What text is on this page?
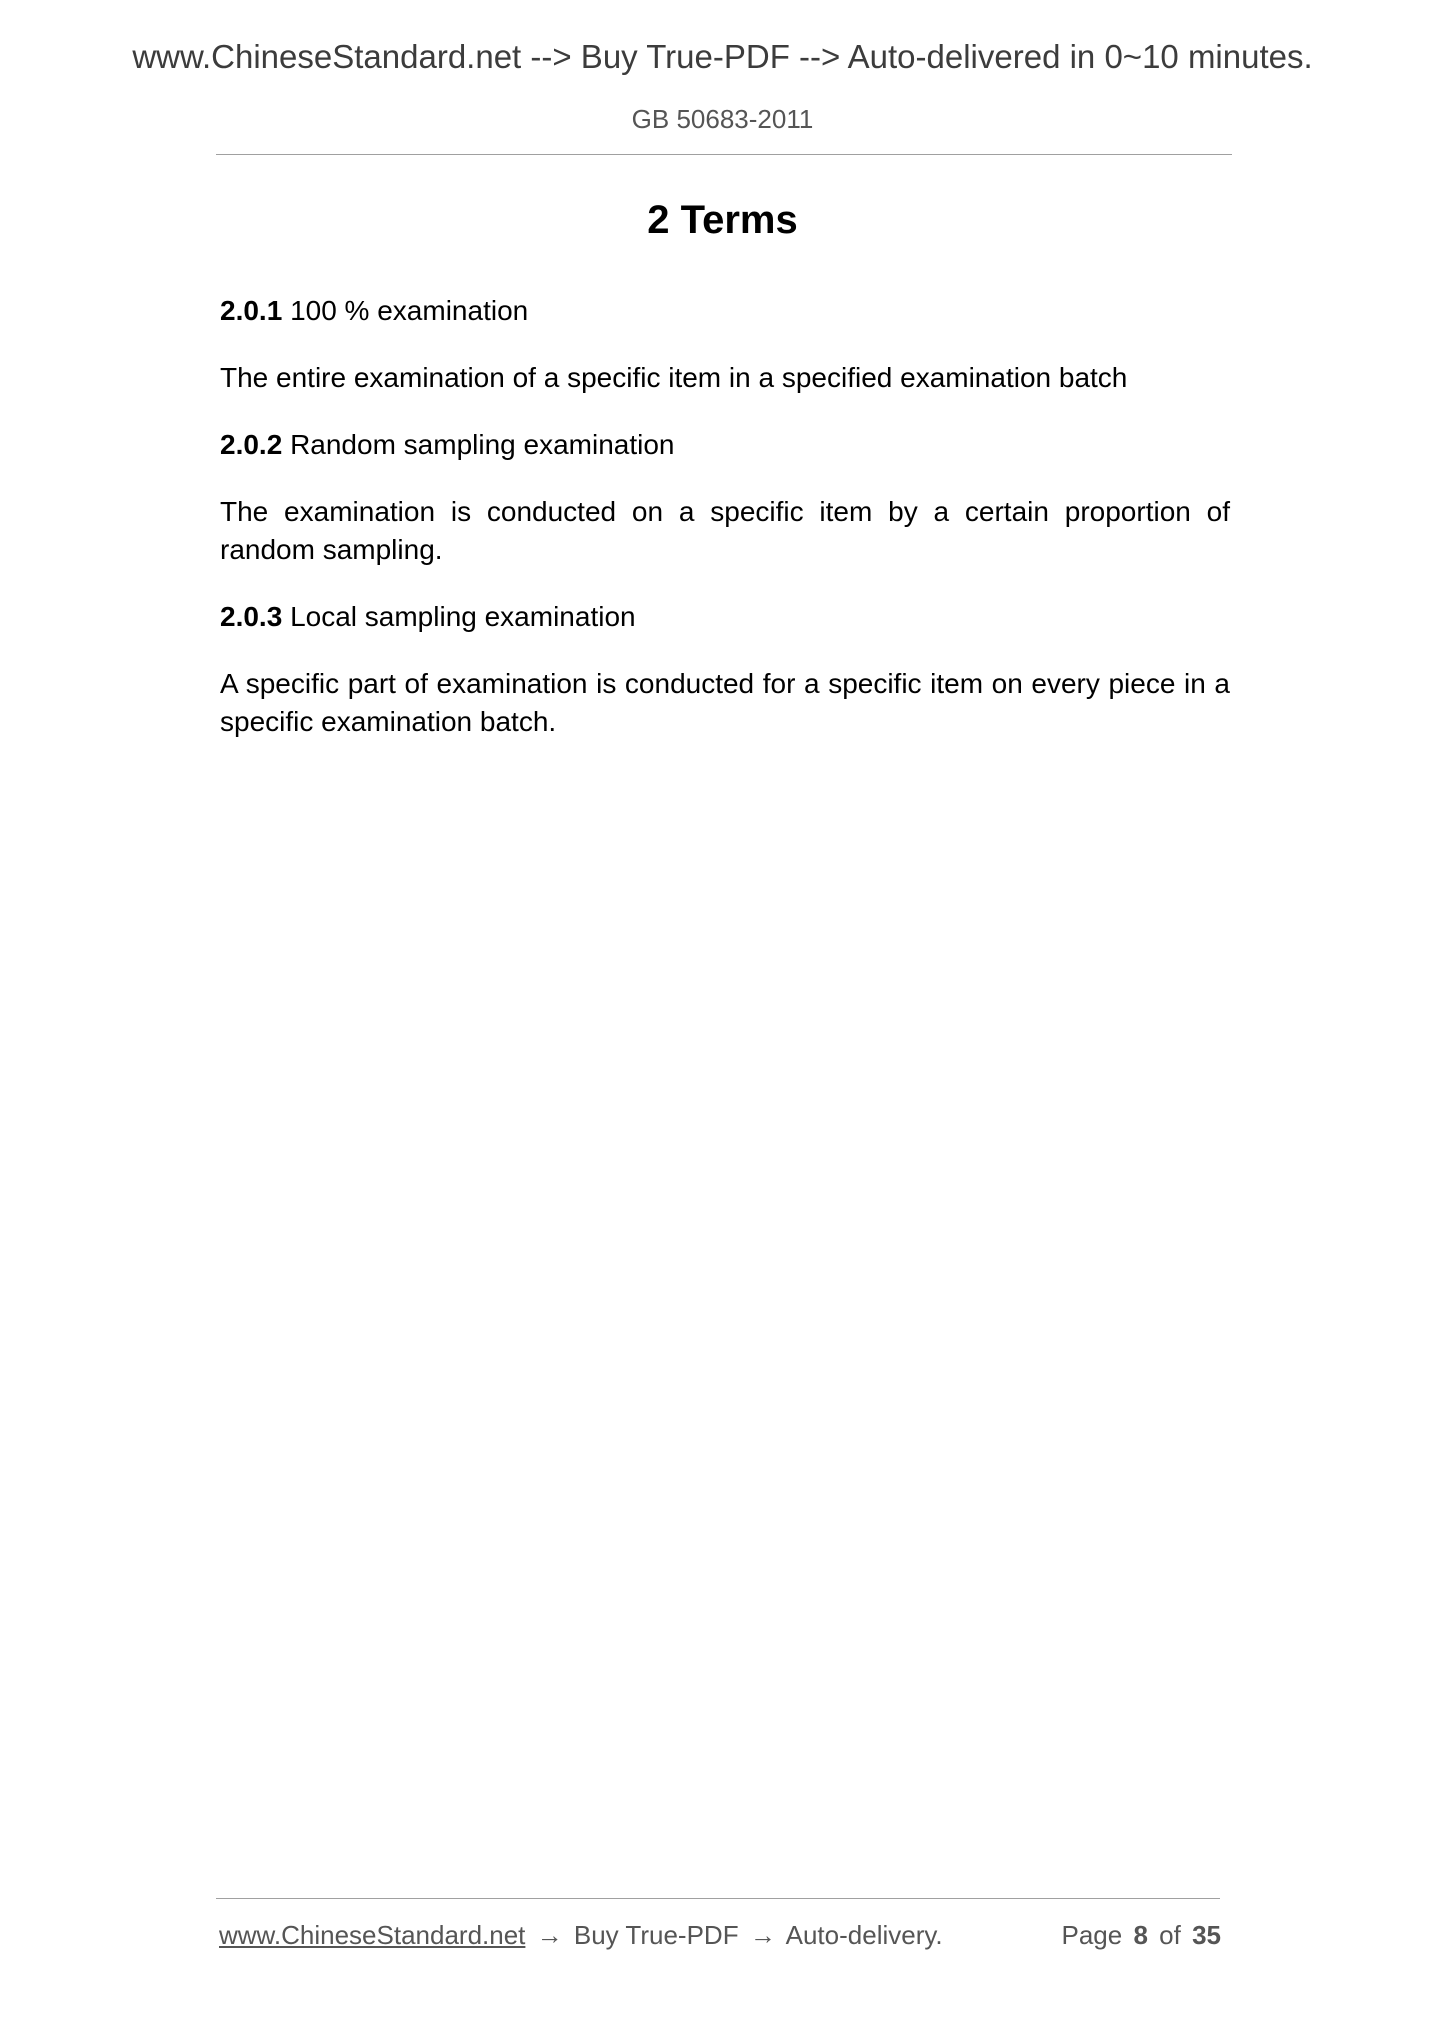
www.ChineseStandard.net --> Buy True-PDF --> Auto-delivered in 0~10 minutes.
GB 50683-2011
2 Terms

2.0.1 100 % examination

The entire examination of a specific item in a specified examination batch

2.0.2 Random sampling examination

The examination is conducted on a specific item by a certain proportion of random sampling.

2.0.3 Local sampling examination

A specific part of examination is conducted for a specific item on every piece in a specific examination batch.

www.ChineseStandard.net → Buy True-PDF → Auto-delivery.	Page 8 of 35
